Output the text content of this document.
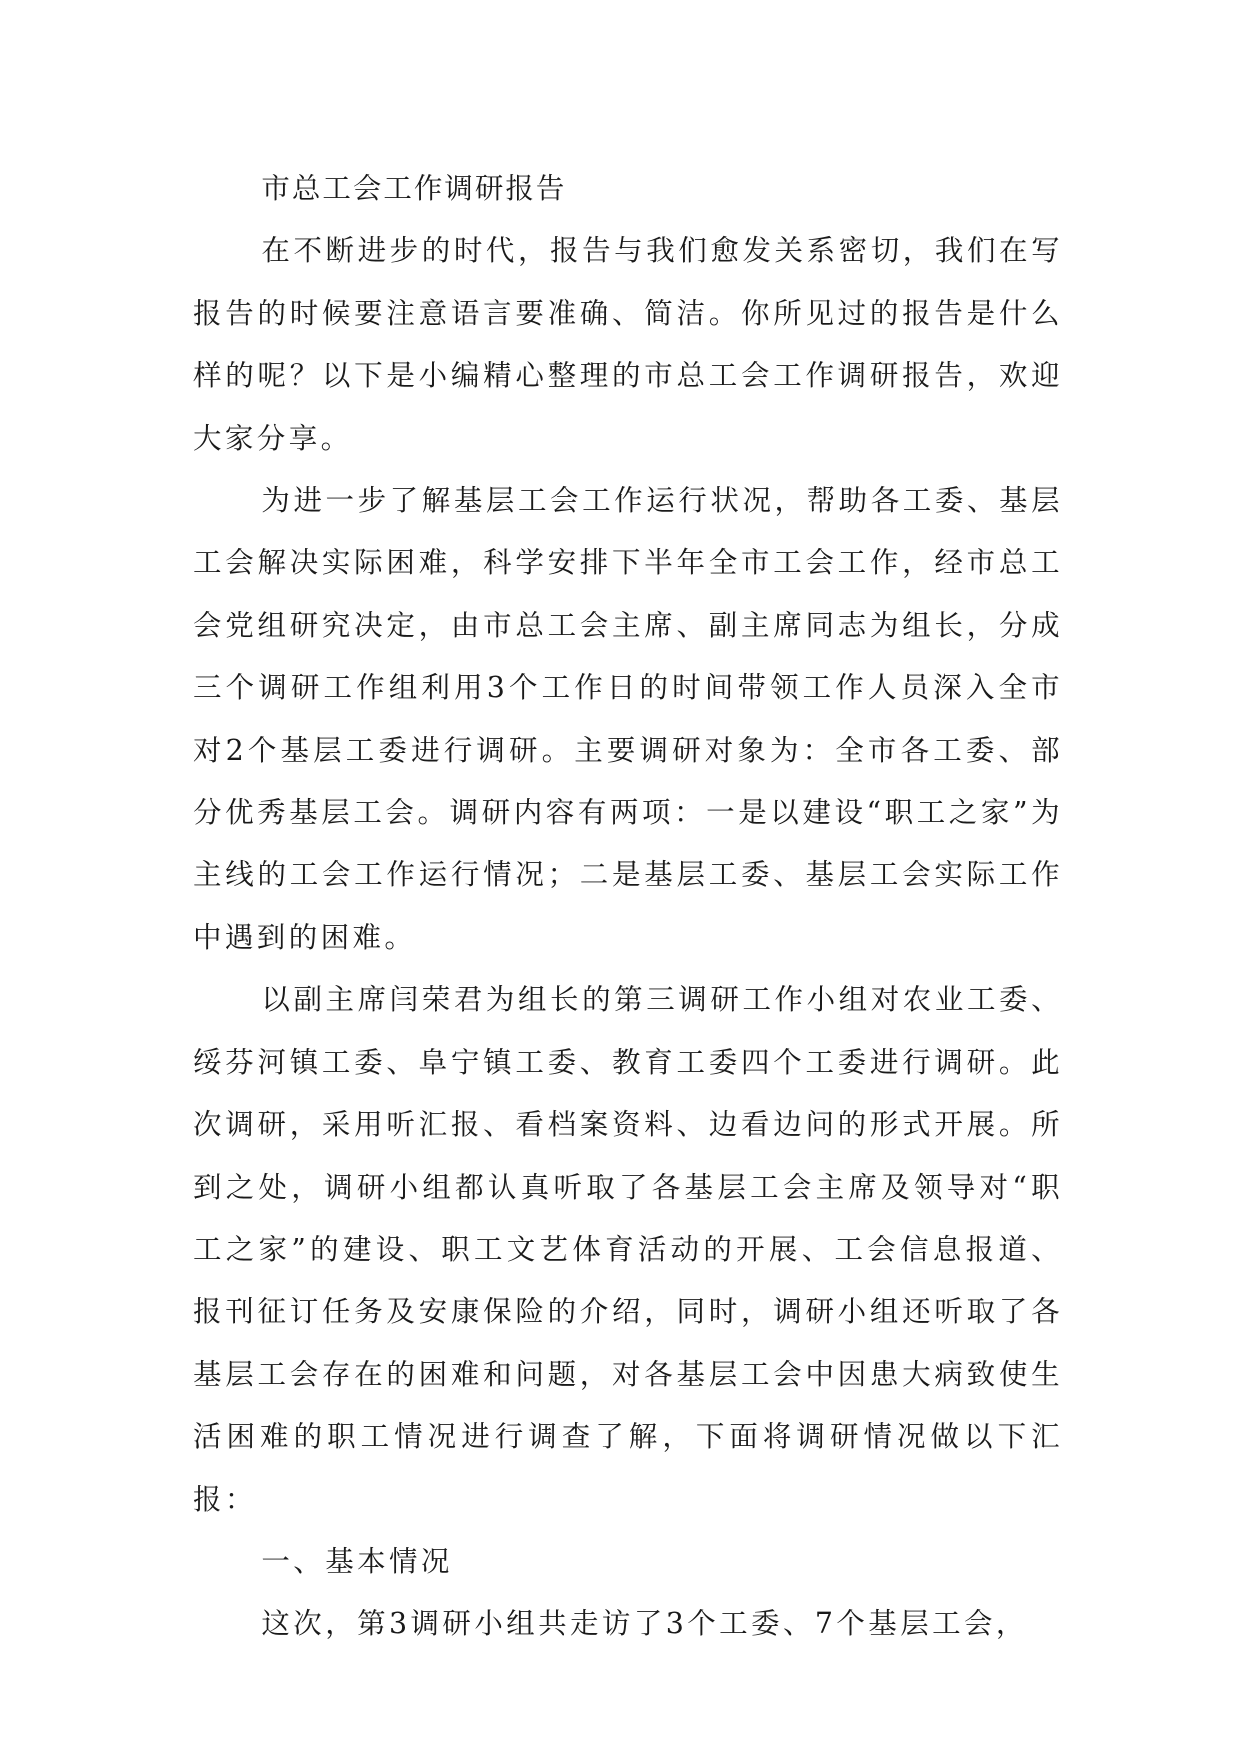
市总工会工作调研报告

在不断进步的时代，报告与我们愈发关系密切，我们在写报告的时候要注意语言要准确、简洁。你所见过的报告是什么样的呢？以下是小编精心整理的市总工会工作调研报告，欢迎大家分享。

为进一步了解基层工会工作运行状况，帮助各工委、基层工会解决实际困难，科学安排下半年全市工会工作，经市总工会党组研究决定，由市总工会主席、副主席同志为组长，分成三个调研工作组利用3个工作日的时间带领工作人员深入全市对2个基层工委进行调研。主要调研对象为：全市各工委、部分优秀基层工会。调研内容有两项：一是以建设“职工之家”为主线的工会工作运行情况；二是基层工委、基层工会实际工作中遇到的困难。

以副主席闫荣君为组长的第三调研工作小组对农业工委、绥芬河镇工委、阜宁镇工委、教育工委四个工委进行调研。此次调研，采用听汇报、看档案资料、边看边问的形式开展。所到之处，调研小组都认真听取了各基层工会主席及领导对“职工之家”的建设、职工文艺体育活动的开展、工会信息报道、报刊征订任务及安康保险的介绍，同时，调研小组还听取了各基层工会存在的困难和问题，对各基层工会中因患大病致使生活困难的职工情况进行调查了解，下面将调研情况做以下汇报：

一、基本情况

这次，第3调研小组共走访了3个工委、7个基层工会，
